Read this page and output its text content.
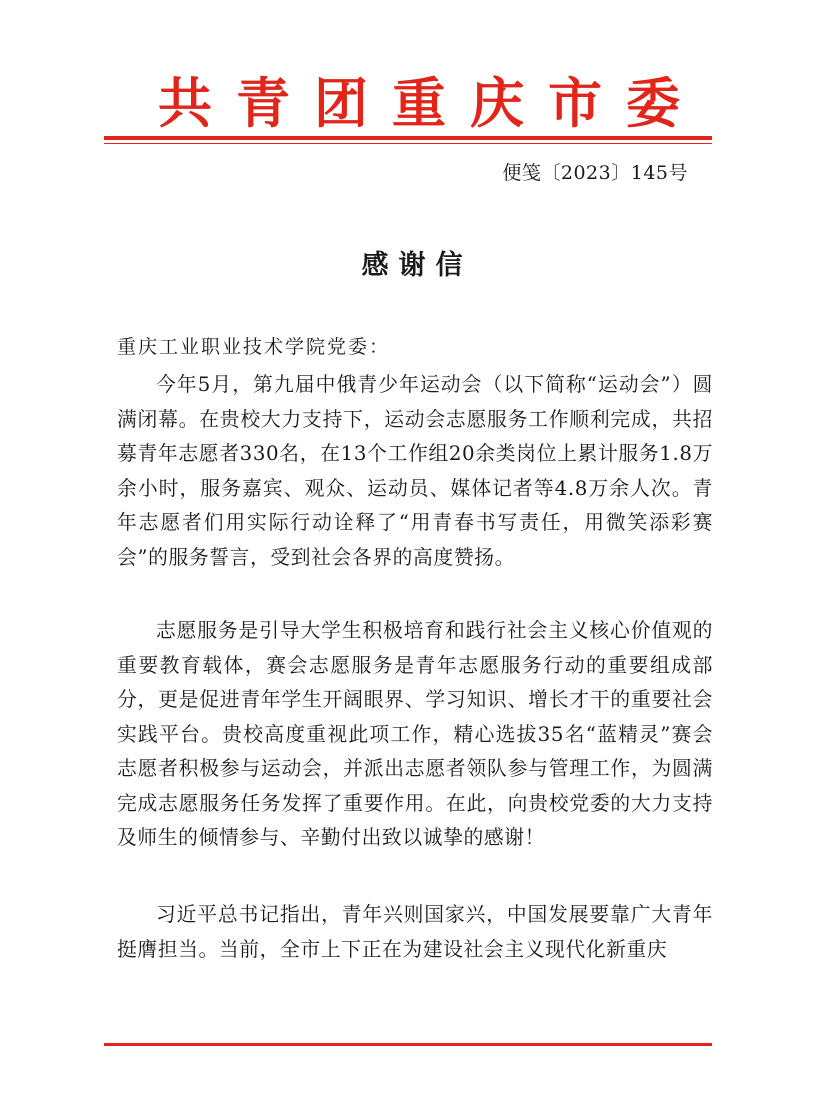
共青团重庆市委
便笺〔2023〕145号
感谢信
重庆工业职业技术学院党委：
今年5月，第九届中俄青少年运动会（以下简称“运动会”）圆满闭幕。在贵校大力支持下，运动会志愿服务工作顺利完成，共招募青年志愿者330名，在13个工作组20余类岗位上累计服务1.8万余小时，服务嘉宾、观众、运动员、媒体记者等4.8万余人次。青年志愿者们用实际行动诠释了“用青春书写责任，用微笑添彩赛会”的服务誓言，受到社会各界的高度赞扬。
志愿服务是引导大学生积极培育和践行社会主义核心价值观的重要教育载体，赛会志愿服务是青年志愿服务行动的重要组成部分，更是促进青年学生开阔眼界、学习知识、增长才干的重要社会实践平台。贵校高度重视此项工作，精心选拔35名“蓝精灵”赛会志愿者积极参与运动会，并派出志愿者领队参与管理工作，为圆满完成志愿服务任务发挥了重要作用。在此，向贵校党委的大力支持及师生的倾情参与、辛勤付出致以诚挚的感谢！
习近平总书记指出，青年兴则国家兴，中国发展要靠广大青年挺膺担当。当前，全市上下正在为建设社会主义现代化新重庆
